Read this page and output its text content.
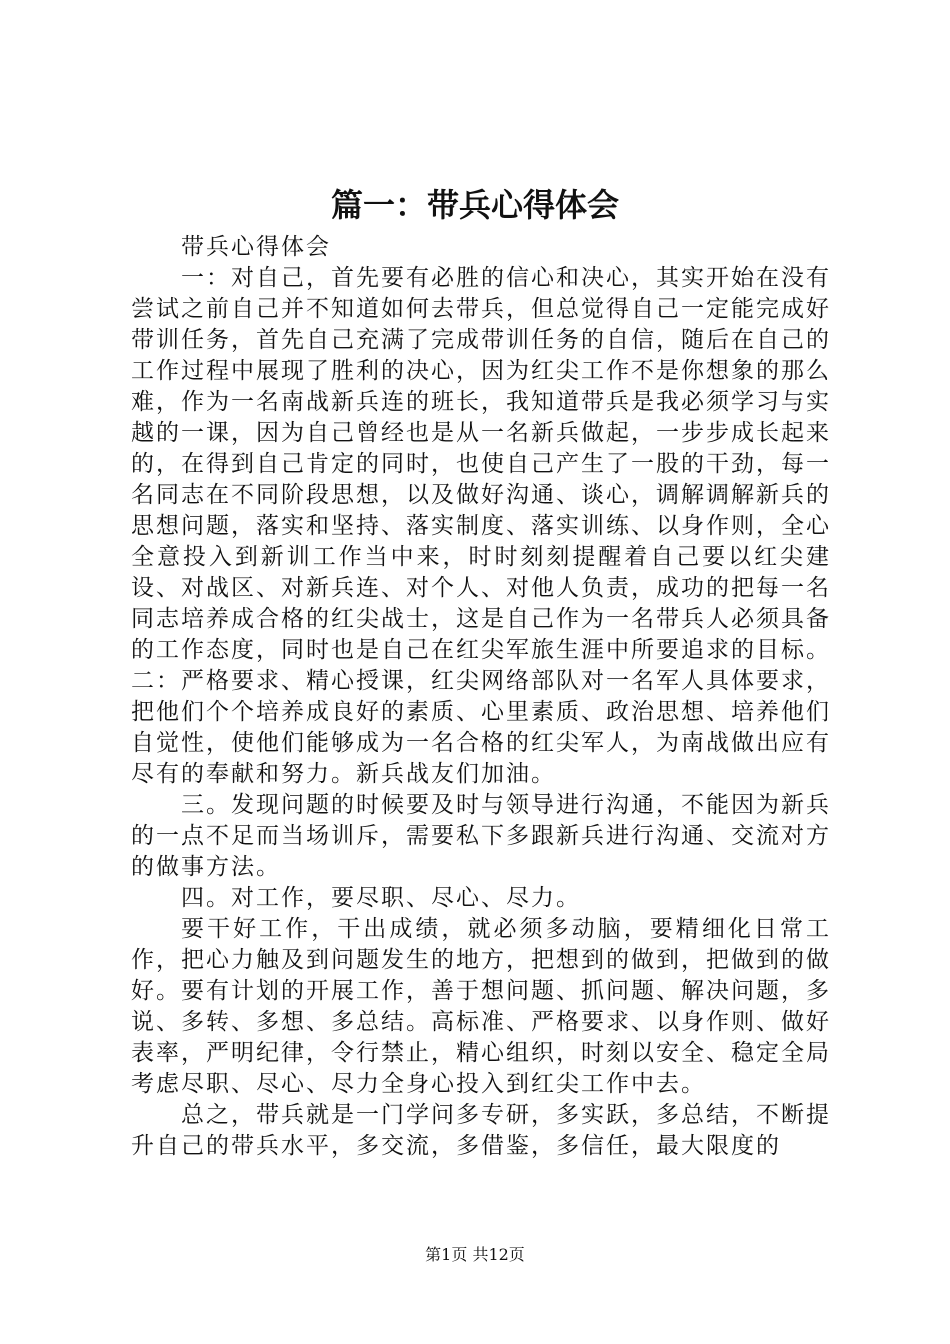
篇一：带兵心得体会

带兵心得体会

一：对自己，首先要有必胜的信心和决心，其实开始在没有尝试之前自己并不知道如何去带兵，但总觉得自己一定能完成好带训任务，首先自己充满了完成带训任务的自信，随后在自己的工作过程中展现了胜利的决心，因为红尖工作不是你想象的那么难，作为一名南战新兵连的班长，我知道带兵是我必须学习与实越的一课，因为自己曾经也是从一名新兵做起，一步步成长起来的，在得到自己肯定的同时，也使自己产生了一股的干劲，每一名同志在不同阶段思想，以及做好沟通、谈心，调解调解新兵的思想问题，落实和坚持、落实制度、落实训练、以身作则，全心全意投入到新训工作当中来，时时刻刻提醒着自己要以红尖建设、对战区、对新兵连、对个人、对他人负责，成功的把每一名同志培养成合格的红尖战士，这是自己作为一名带兵人必须具备的工作态度，同时也是自己在红尖军旅生涯中所要追求的目标。二：严格要求、精心授课，红尖网络部队对一名军人具体要求，把他们个个培养成良好的素质、心里素质、政治思想、培养他们自觉性，使他们能够成为一名合格的红尖军人，为南战做出应有尽有的奉献和努力。新兵战友们加油。

三。发现问题的时候要及时与领导进行沟通，不能因为新兵的一点不足而当场训斥，需要私下多跟新兵进行沟通、交流对方的做事方法。

四。对工作，要尽职、尽心、尽力。

要干好工作，干出成绩，就必须多动脑，要精细化日常工作，把心力触及到问题发生的地方，把想到的做到，把做到的做好。要有计划的开展工作，善于想问题、抓问题、解决问题，多说、多转、多想、多总结。高标准、严格要求、以身作则、做好表率，严明纪律，令行禁止，精心组织，时刻以安全、稳定全局考虑尽职、尽心、尽力全身心投入到红尖工作中去。

总之，带兵就是一门学问多专研，多实跃，多总结，不断提升自己的带兵水平，多交流，多借鉴，多信任，最大限度的

第1页 共12页
